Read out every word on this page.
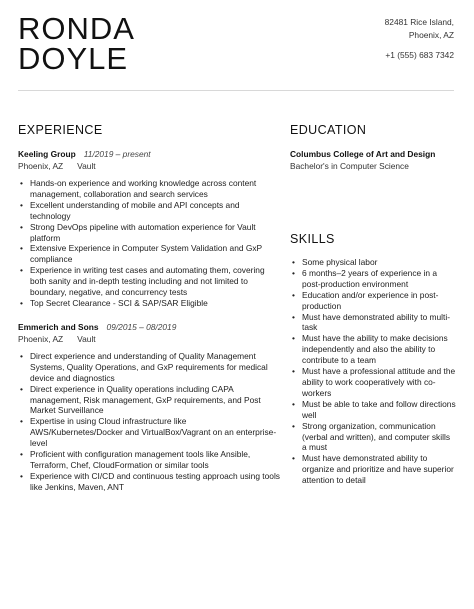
RONDA
DOYLE
82481 Rice Island,
Phoenix, AZ
+1 (555) 683 7342
EXPERIENCE
Keeling Group 11/2019 – present
Phoenix, AZ Vault
• Hands-on experience and working knowledge across content management, collaboration and search services
• Excellent understanding of mobile and API concepts and technology
• Strong DevOps pipeline with automation experience for Vault platform
• Extensive Experience in Computer System Validation and GxP compliance
• Experience in writing test cases and automating them, covering both sanity and in-depth testing including and not limited to boundary, negative, and concurrency tests
• Top Secret Clearance - SCI & SAP/SAR Eligible
Emmerich and Sons 09/2015 – 08/2019
Phoenix, AZ Vault
• Direct experience and understanding of Quality Management Systems, Quality Operations, and GxP requirements for medical device and diagnostics
• Direct experience in Quality operations including CAPA management, Risk management, GxP requirements, and Post Market Surveillance
• Expertise in using Cloud infrastructure like AWS/Kubernetes/Docker and VirtualBox/Vagrant on an enterprise-level
• Proficient with configuration management tools like Ansible, Terraform, Chef, CloudFormation or similar tools
• Experience with CI/CD and continuous testing approach using tools like Jenkins, Maven, ANT
EDUCATION
Columbus College of Art and Design
Bachelor's in Computer Science
SKILLS
• Some physical labor
• 6 months–2 years of experience in a post-production environment
• Education and/or experience in post-production
• Must have demonstrated ability to multi-task
• Must have the ability to make decisions independently and also the ability to contribute to a team
• Must have a professional attitude and the ability to work cooperatively with co-workers
• Must be able to take and follow directions well
• Strong organization, communication (verbal and written), and computer skills a must
• Must have demonstrated ability to organize and prioritize and have superior attention to detail
